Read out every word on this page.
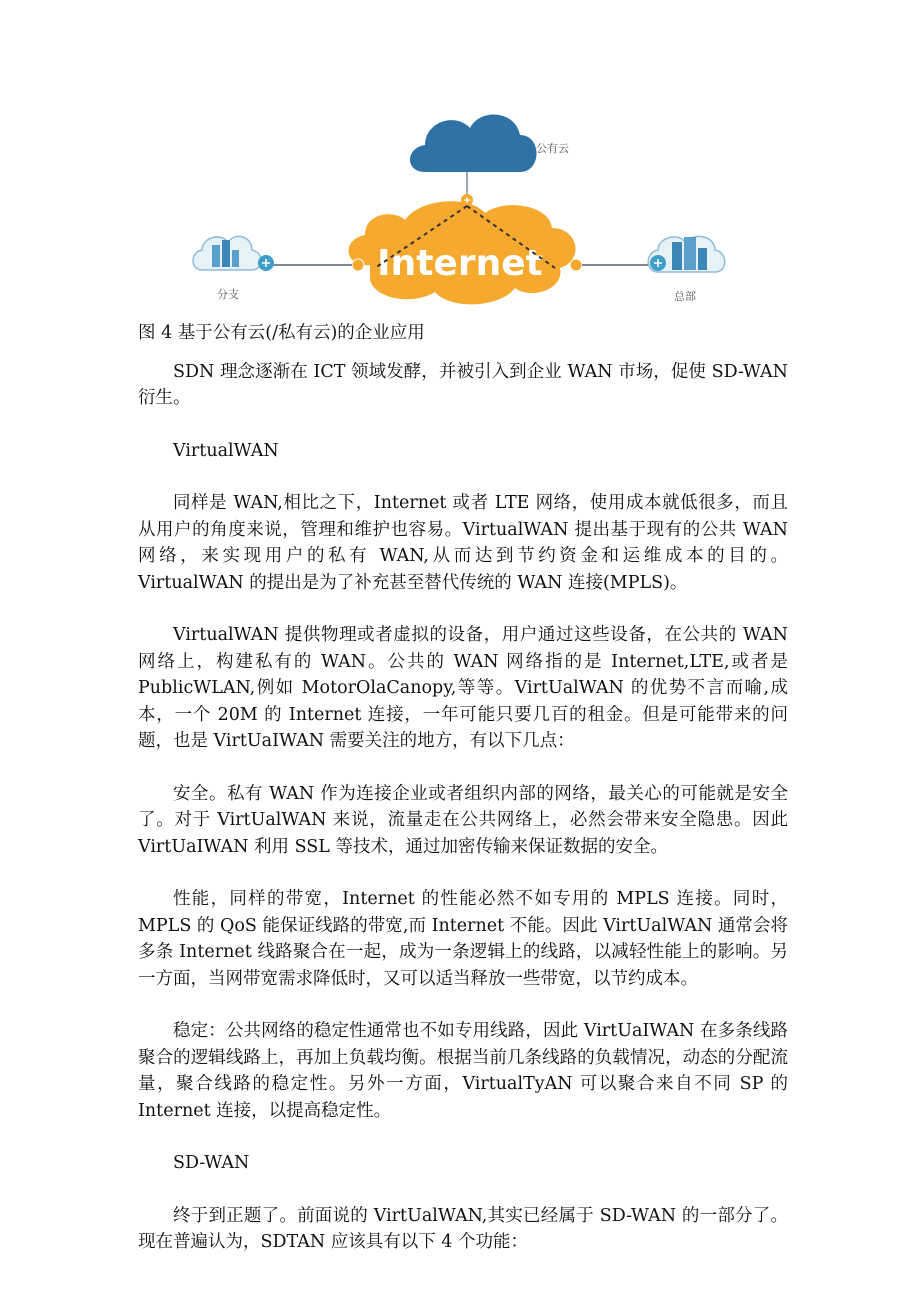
公有云
Internet
分支	总部

图 4 基于公有云(/私有云)的企业应用

SDN 理念逐渐在 ICT 领域发酵，并被引入到企业 WAN 市场，促使 SD-WAN 衍生。

VirtualWAN

同样是 WAN,相比之下，Internet 或者 LTE 网络，使用成本就低很多，而且从用户的角度来说，管理和维护也容易。VirtualWAN 提出基于现有的公共 WAN 网络，来实现用户的私有 WAN,从而达到节约资金和运维成本的目的。VirtualWAN 的提出是为了补充甚至替代传统的 WAN 连接(MPLS)。

VirtualWAN 提供物理或者虚拟的设备，用户通过这些设备，在公共的 WAN 网络上，构建私有的 WAN。公共的 WAN 网络指的是 Internet,LTE,或者是 PublicWLAN,例如 MotorOlaCanopy,等等。VirtUalWAN 的优势不言而喻,成本，一个 20M 的 Internet 连接，一年可能只要几百的租金。但是可能带来的问题，也是 VirtUaIWAN 需要关注的地方，有以下几点：

安全。私有 WAN 作为连接企业或者组织内部的网络，最关心的可能就是安全了。对于 VirtUalWAN 来说，流量走在公共网络上，必然会带来安全隐患。因此 VirtUaIWAN 利用 SSL 等技术，通过加密传输来保证数据的安全。

性能，同样的带宽，Internet 的性能必然不如专用的 MPLS 连接。同时，MPLS 的 QoS 能保证线路的带宽,而 Internet 不能。因此 VirtUalWAN 通常会将多条 Internet 线路聚合在一起，成为一条逻辑上的线路，以减轻性能上的影响。另一方面，当网带宽需求降低时，又可以适当释放一些带宽，以节约成本。

稳定：公共网络的稳定性通常也不如专用线路，因此 VirtUaIWAN 在多条线路聚合的逻辑线路上，再加上负载均衡。根据当前几条线路的负载情况，动态的分配流量，聚合线路的稳定性。另外一方面，VirtualTyAN 可以聚合来自不同 SP 的 Internet 连接，以提高稳定性。

SD-WAN

终于到正题了。前面说的 VirtUalWAN,其实已经属于 SD-WAN 的一部分了。现在普遍认为，SDTAN 应该具有以下 4 个功能：
